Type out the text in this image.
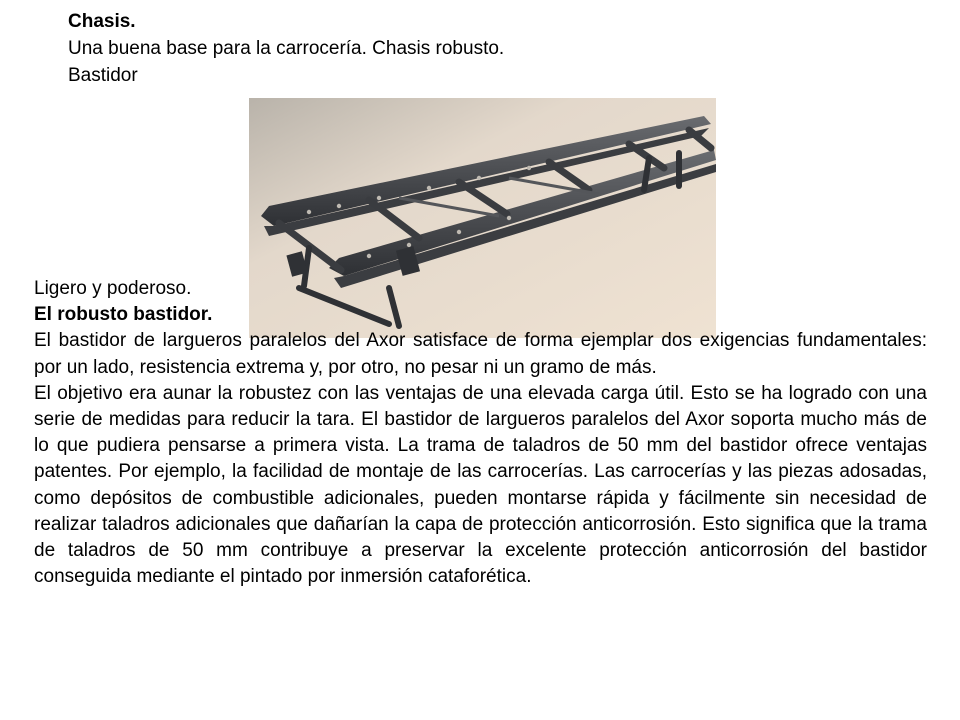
Chasis.
Una buena base para la carrocería. Chasis robusto.
Bastidor

Ligero y poderoso.

El robusto bastidor.

El bastidor de largueros paralelos del Axor satisface de forma ejemplar dos exigencias fundamentales: por un lado, resistencia extrema y, por otro, no pesar ni un gramo de más.

El objetivo era aunar la robustez con las ventajas de una elevada carga útil. Esto se ha logrado con una serie de medidas para reducir la tara. El bastidor de largueros paralelos del Axor soporta mucho más de lo que pudiera pensarse a primera vista. La trama de taladros de 50 mm del bastidor ofrece ventajas patentes. Por ejemplo, la facilidad de montaje de las carrocerías. Las carrocerías y las piezas adosadas, como depósitos de combustible adicionales, pueden montarse rápida y fácilmente sin necesidad de realizar taladros adicionales que dañarían la capa de protección anticorrosión. Esto significa que la trama de taladros de 50 mm contribuye a preservar la excelente protección anticorrosión del bastidor conseguida mediante el pintado por inmersión cataforética.
